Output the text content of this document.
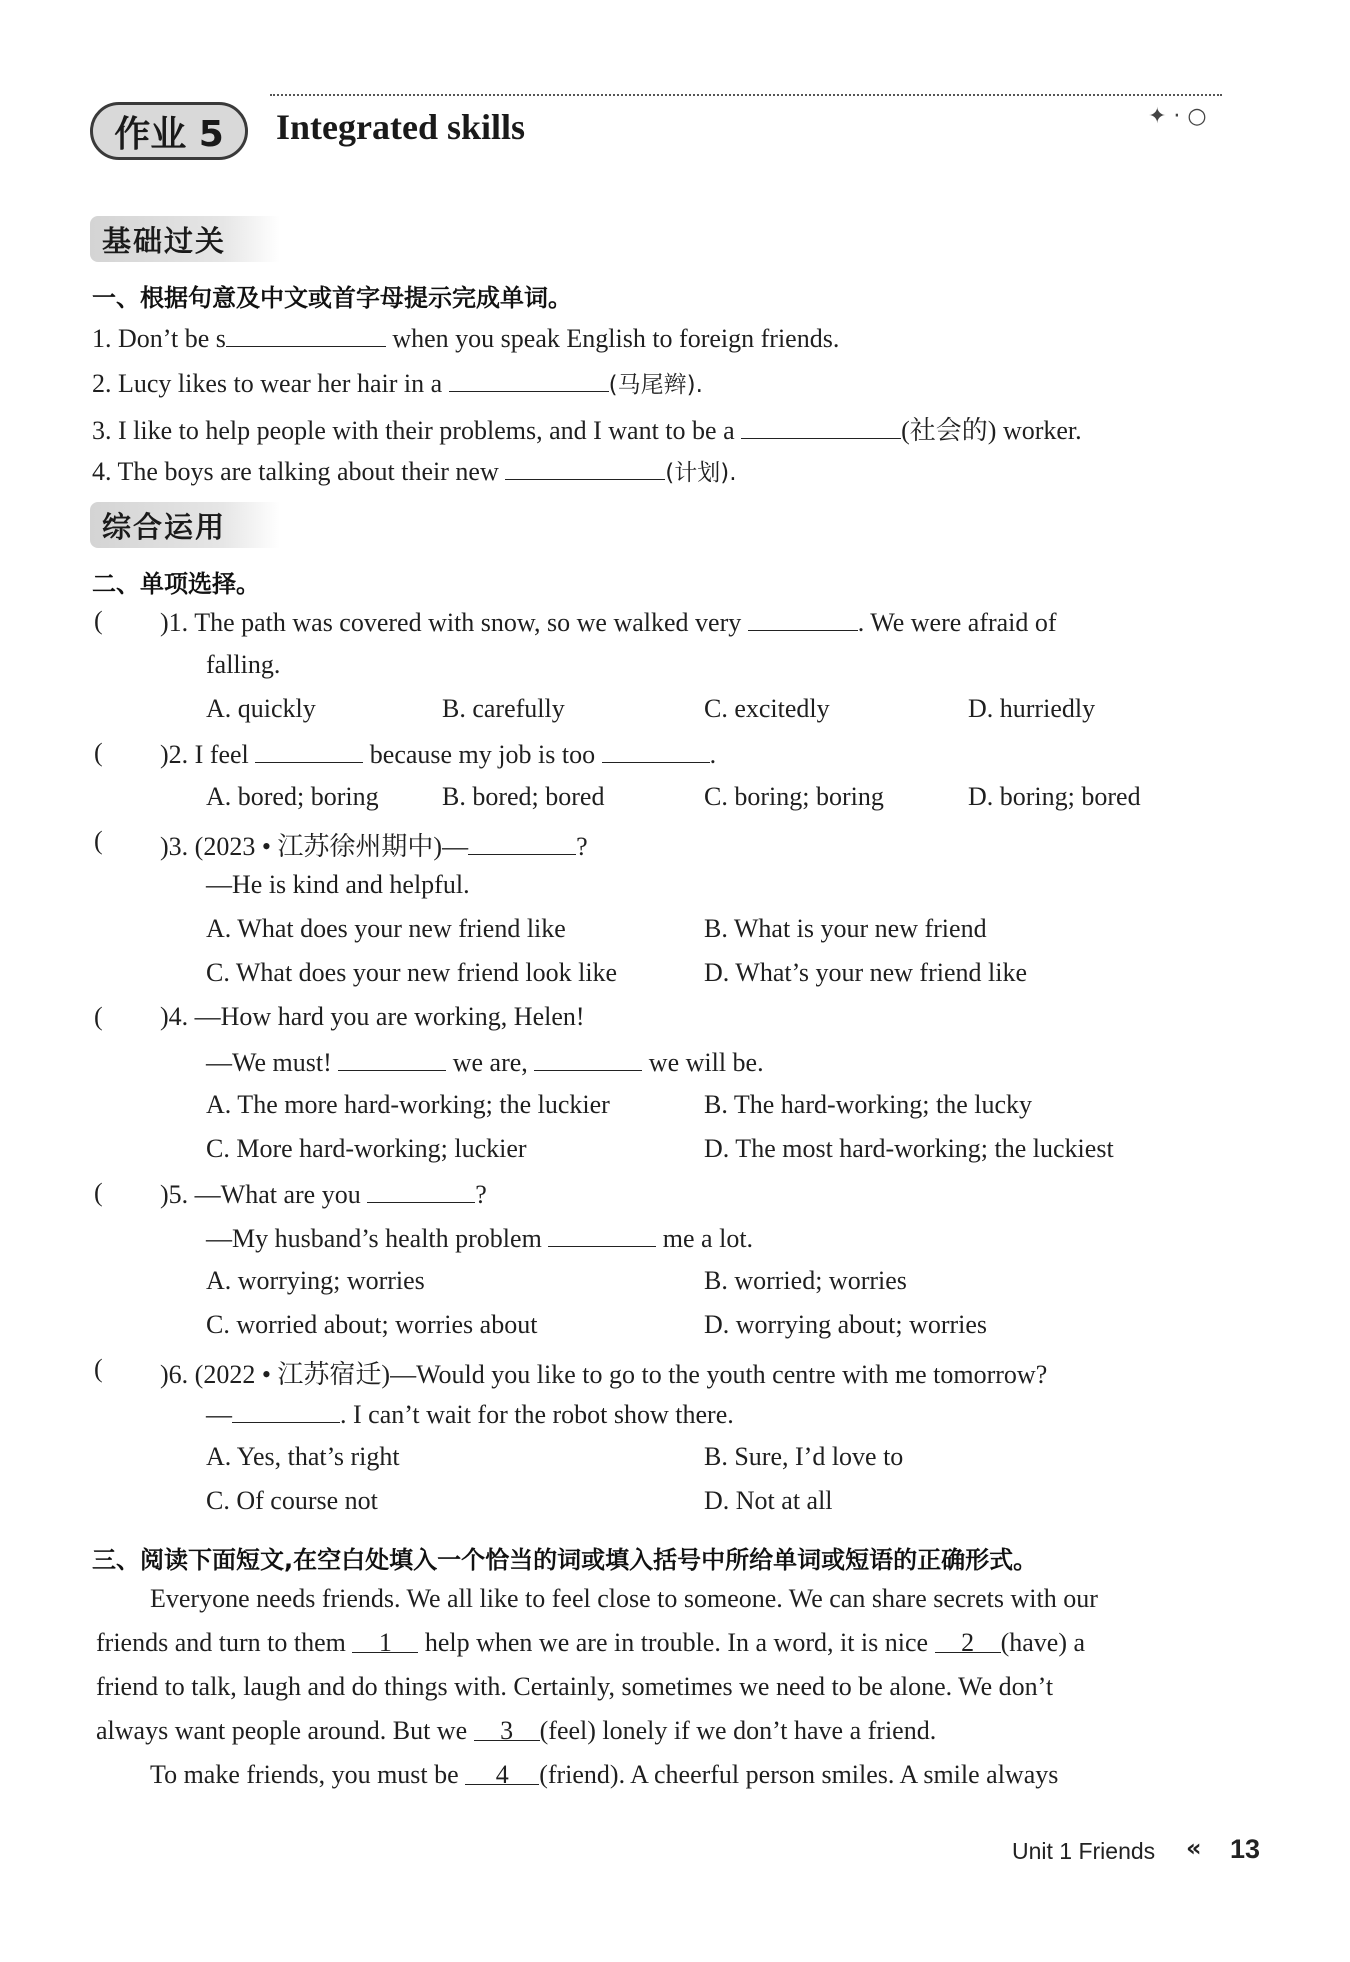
作业 5	Integrated skills	✦ · ○
基础过关
一、根据句意及中文或首字母提示完成单词。
1. Don’t be s	when you speak English to foreign friends.
2. Lucy likes to wear her hair in a	(马尾辫).
3. I like to help people with their problems, and I want to be a	(社会的) worker.
4. The boys are talking about their new	(计划).
综合运用
二、单项选择。
( )1. The path was covered with snow, so we walked very	. We were afraid of
falling.
A. quickly	B. carefully	C. excitedly	D. hurriedly
( )2. I feel	because my job is too	.
A. bored; boring B. bored; bored	C. boring; boring	D. boring; bored
( )3. (2023 • 江苏徐州期中)—	?
—He is kind and helpful.
A. What does your new friend like	B. What is your new friend
C. What does your new friend look like	D. What’s your new friend like
( )4. —How hard you are working, Helen!
—We must!	we are,	we will be.
A. The more hard-working; the luckier	B. The hard-working; the lucky
C. More hard-working; luckier	D. The most hard-working; the luckiest
( )5. —What are you	?
—My husband’s health problem	me a lot.
A. worrying; worries	B. worried; worries
C. worried about; worries about	D. worrying about; worries
( )6. (2022 • 江苏宿迁)—Would you like to go to the youth centre with me tomorrow?
—	. I can’t wait for the robot show there.
A. Yes, that’s right	B. Sure, I’d love to
C. Of course not	D. Not at all
三、阅读下面短文,在空白处填入一个恰当的词或填入括号中所给单词或短语的正确形式。
Everyone needs friends. We all like to feel close to someone. We can share secrets with our
friends and turn to them 1 help when we are in trouble. In a word, it is nice 2 (have) a
friend to talk, laugh and do things with. Certainly, sometimes we need to be alone. We don’t
always want people around. But we 3 (feel) lonely if we don’t have a friend.
To make friends, you must be 4 (friend). A cheerful person smiles. A smile always
Unit 1 Friends « 13
